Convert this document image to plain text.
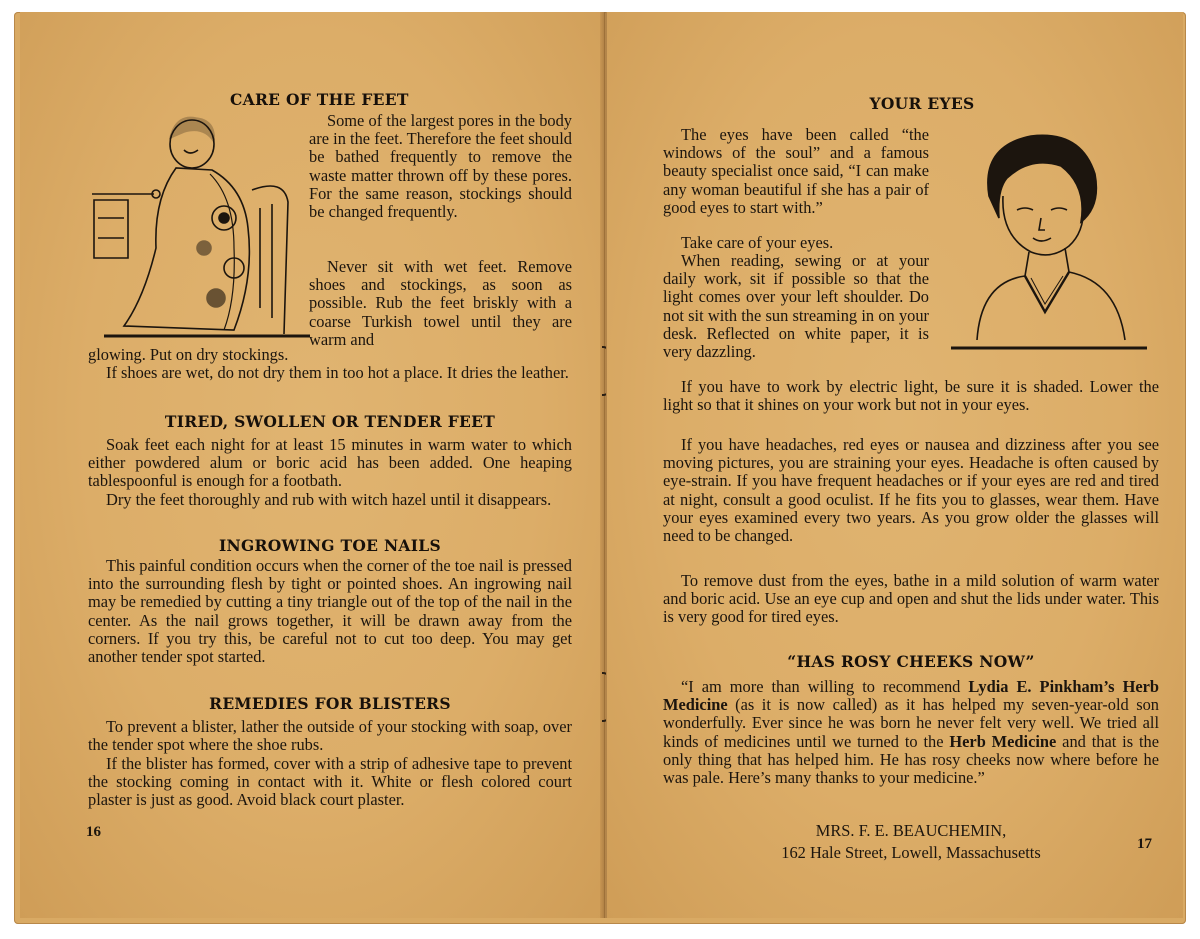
CARE OF THE FEET

Some of the largest pores in the body are in the feet. Therefore the feet should be bathed frequently to remove the waste matter thrown off by these pores. For the same reason, stockings should be changed frequently.

Never sit with wet feet. Remove shoes and stockings, as soon as possible. Rub the feet briskly with a coarse Turkish towel until they are warm and

glowing. Put on dry stockings.

If shoes are wet, do not dry them in too hot a place. It dries the leather.

TIRED, SWOLLEN OR TENDER FEET

Soak feet each night for at least 15 minutes in warm water to which either powdered alum or boric acid has been added. One heaping tablespoonful is enough for a footbath.

Dry the feet thoroughly and rub with witch hazel until it disappears.

INGROWING TOE NAILS

This painful condition occurs when the corner of the toe nail is pressed into the surrounding flesh by tight or pointed shoes. An ingrowing nail may be remedied by cutting a tiny triangle out of the top of the nail in the center. As the nail grows together, it will be drawn away from the corners. If you try this, be careful not to cut too deep. You may get another tender spot started.

REMEDIES FOR BLISTERS

To prevent a blister, lather the outside of your stocking with soap, over the tender spot where the shoe rubs.

If the blister has formed, cover with a strip of adhesive tape to prevent the stocking coming in contact with it. White or flesh colored court plaster is just as good. Avoid black court plaster.

16
YOUR EYES

The eyes have been called “the windows of the soul” and a famous beauty specialist once said, “I can make any woman beautiful if she has a pair of good eyes to start with.”

Take care of your eyes.

When reading, sewing or at your daily work, sit if possible so that the light comes over your left shoulder. Do not sit with the sun streaming in on your desk. Reflected on white paper, it is very dazzling.

If you have to work by electric light, be sure it is shaded. Lower the light so that it shines on your work but not in your eyes.

If you have headaches, red eyes or nausea and dizziness after you see moving pictures, you are straining your eyes. Headache is often caused by eye-strain. If you have frequent headaches or if your eyes are red and tired at night, consult a good oculist. If he fits you to glasses, wear them. Have your eyes examined every two years. As you grow older the glasses will need to be changed.

To remove dust from the eyes, bathe in a mild solution of warm water and boric acid. Use an eye cup and open and shut the lids under water. This is very good for tired eyes.

“HAS ROSY CHEEKS NOW”

“I am more than willing to recommend Lydia E. Pinkham’s Herb Medicine (as it is now called) as it has helped my seven-year-old son wonderfully. Ever since he was born he never felt very well. We tried all kinds of medicines until we turned to the Herb Medicine and that is the only thing that has helped him. He has rosy cheeks now where before he was pale. Here’s many thanks to your medicine.”

MRS. F. E. BEAUCHEMIN,
162 Hale Street, Lowell, Massachusetts	17
